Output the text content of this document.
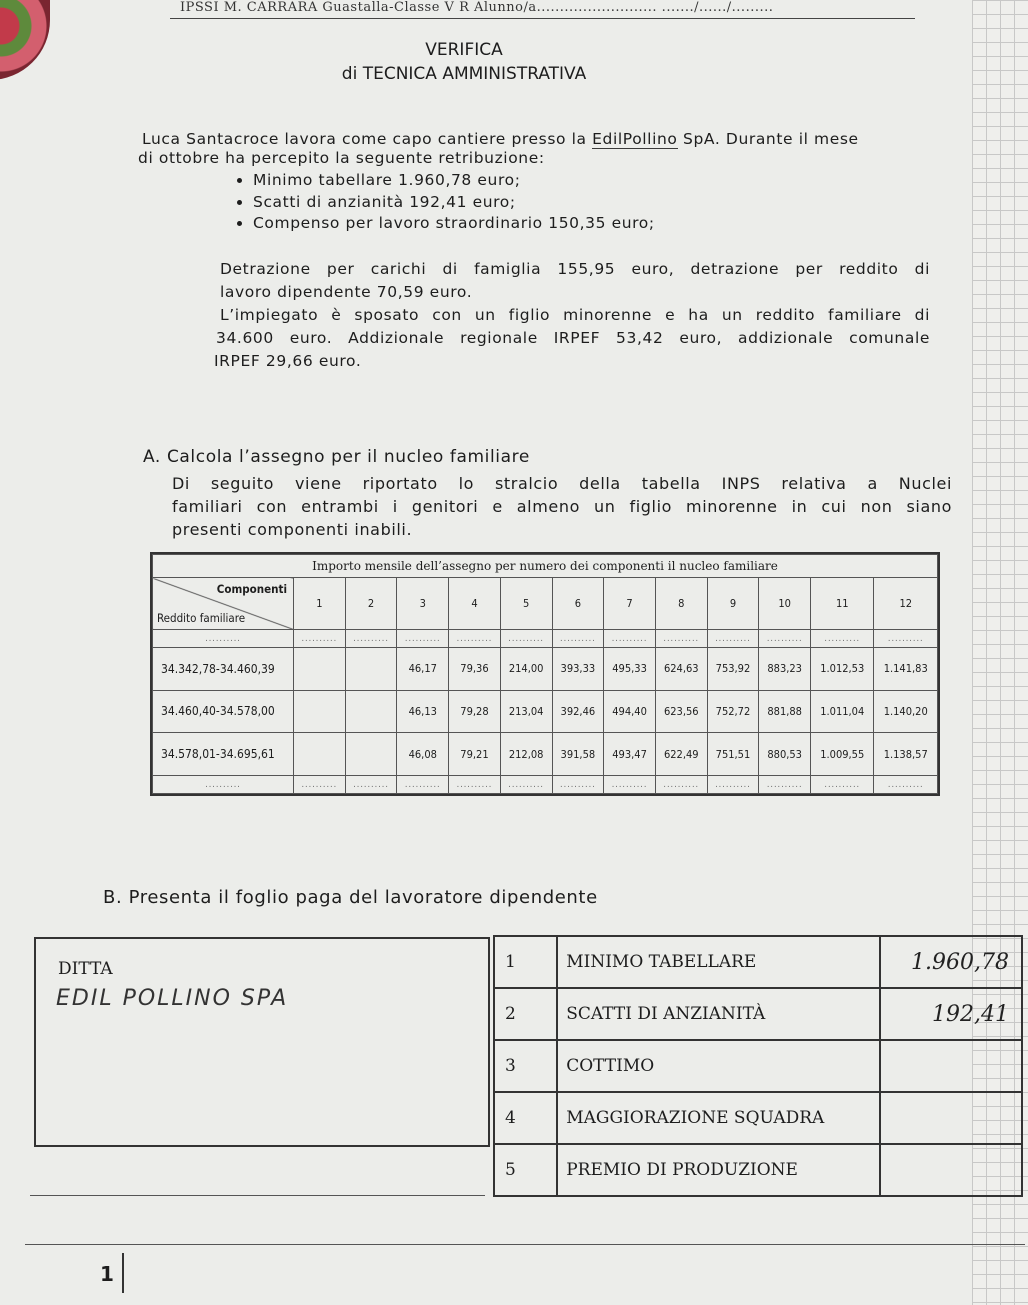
IPSSI M. CARRARA Guastalla-Classe V R Alunno/a.......................... ......./....../.........
VERIFICA
di TECNICA AMMINISTRATIVA
Luca Santacroce lavora come capo cantiere presso la EdilPollino SpA. Durante il mese
di ottobre ha percepito la seguente retribuzione:
• Minimo tabellare 1.960,78 euro;
• Scatti di anzianità 192,41 euro;
• Compenso per lavoro straordinario 150,35 euro;
Detrazione per carichi di famiglia 155,95 euro, detrazione per reddito di
lavoro dipendente 70,59 euro.
L’impiegato è sposato con un figlio minorenne e ha un reddito familiare di
34.600 euro. Addizionale regionale IRPEF 53,42 euro, addizionale comunale
IRPEF 29,66 euro.
A. Calcola l’assegno per il nucleo familiare
Di seguito viene riportato lo stralcio della tabella INPS relativa a Nuclei
familiari con entrambi i genitori e almeno un figlio minorenne in cui non siano
presenti componenti inabili.
Importo mensile dell’assegno per numero dei componenti il nucleo familiare												

Componenti
Reddito familiare	1	2	3	4	5	6	7	8	9	10	11	12
..........	..........	..........	..........	..........	..........	..........	..........	..........	..........	..........	..........	..........
34.342,78-34.460,39			46,17	79,36	214,00	393,33	495,33	624,63	753,92	883,23	1.012,53	1.141,83
34.460,40-34.578,00			46,13	79,28	213,04	392,46	494,40	623,56	752,72	881,88	1.011,04	1.140,20
34.578,01-34.695,61			46,08	79,21	212,08	391,58	493,47	622,49	751,51	880,53	1.009,55	1.138,57
..........	..........	..........	..........	..........	..........	..........	..........	..........	..........	..........	..........	..........
B. Presenta il foglio paga del lavoratore dipendente
DITTA
EDIL POLLINO SPA
1	MINIMO TABELLARE	1.960,78
2	SCATTI DI ANZIANITÀ	192,41
3	COTTIMO	
4	MAGGIORAZIONE SQUADRA	
5	PREMIO DI PRODUZIONE	
1
